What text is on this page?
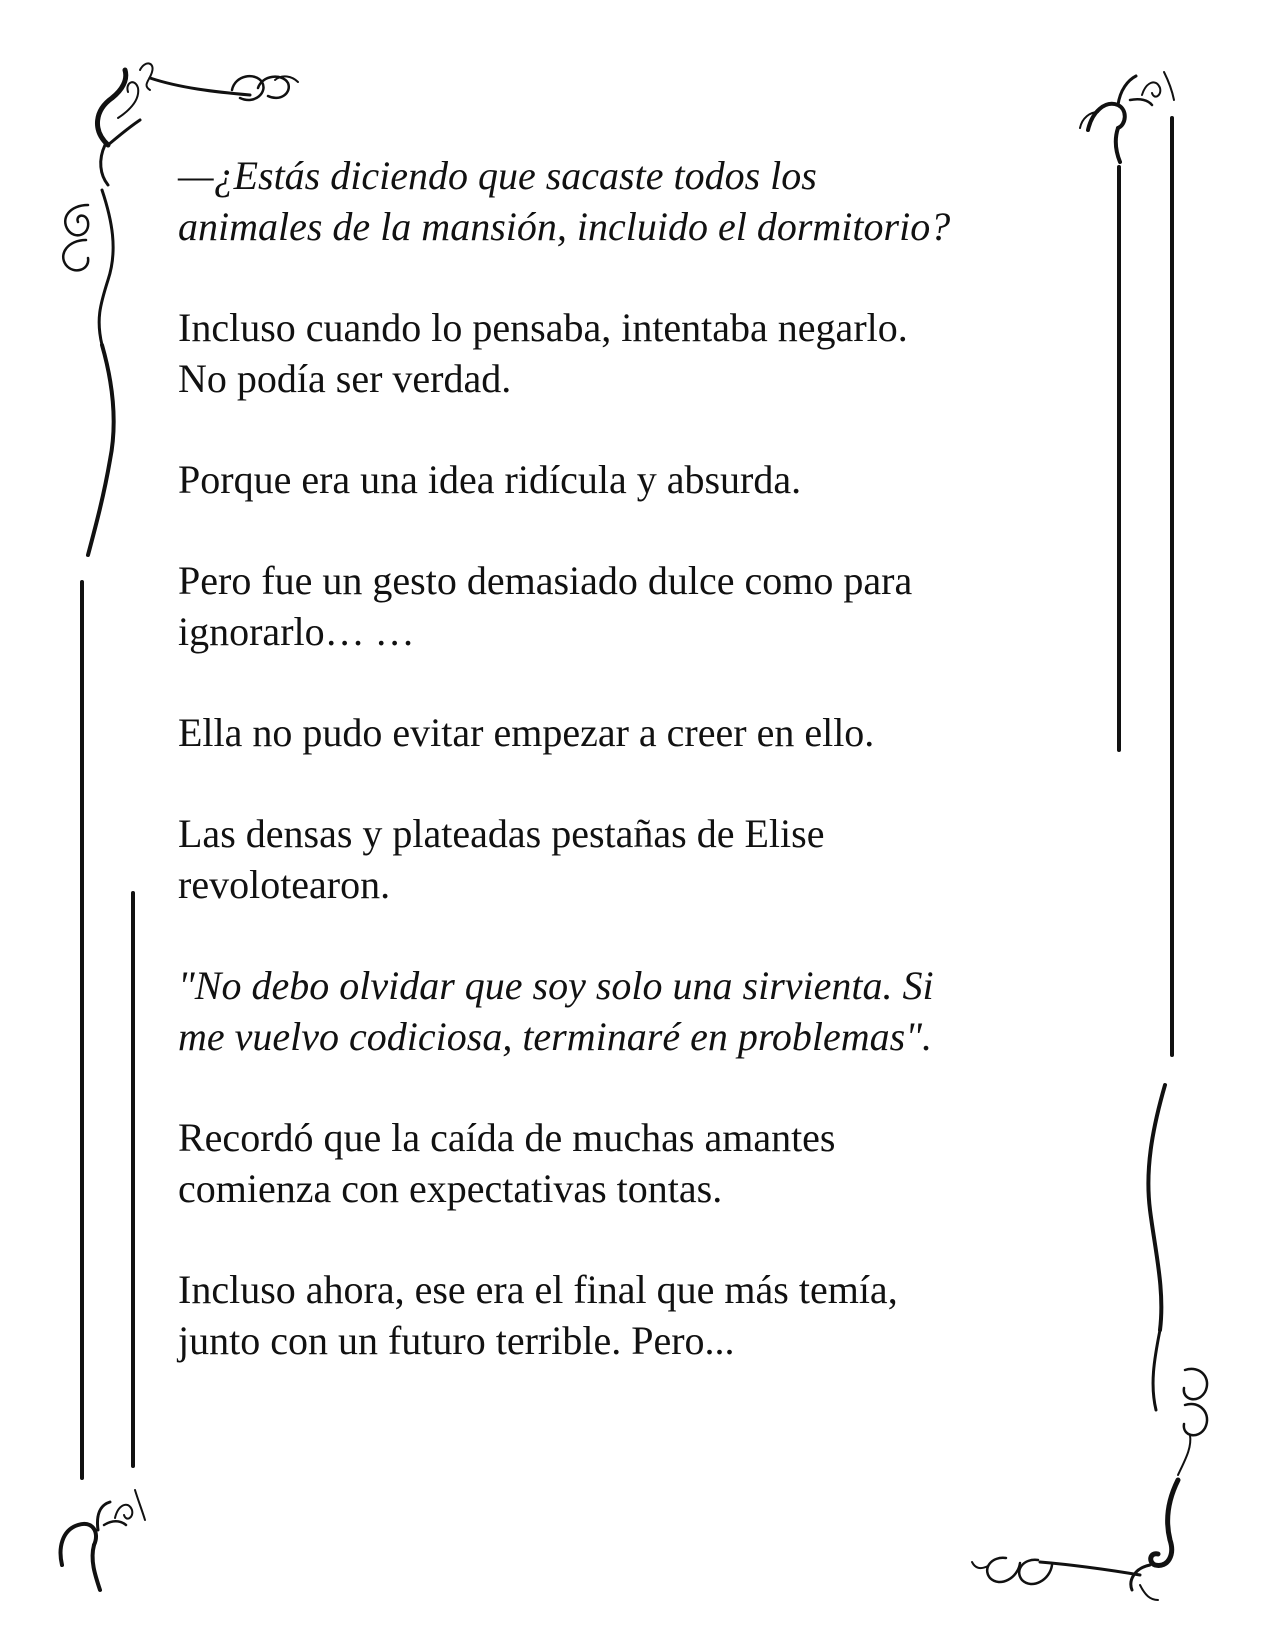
—¿Estás diciendo que sacaste todos los
animales de la mansión, incluido el dormitorio?

Incluso cuando lo pensaba, intentaba negarlo.
No podía ser verdad.

Porque era una idea ridícula y absurda.

Pero fue un gesto demasiado dulce como para
ignorarlo… …

Ella no pudo evitar empezar a creer en ello.

Las densas y plateadas pestañas de Elise
revolotearon.

"No debo olvidar que soy solo una sirvienta. Si
me vuelvo codiciosa, terminaré en problemas".

Recordó que la caída de muchas amantes
comienza con expectativas tontas.

Incluso ahora, ese era el final que más temía,
junto con un futuro terrible. Pero...
